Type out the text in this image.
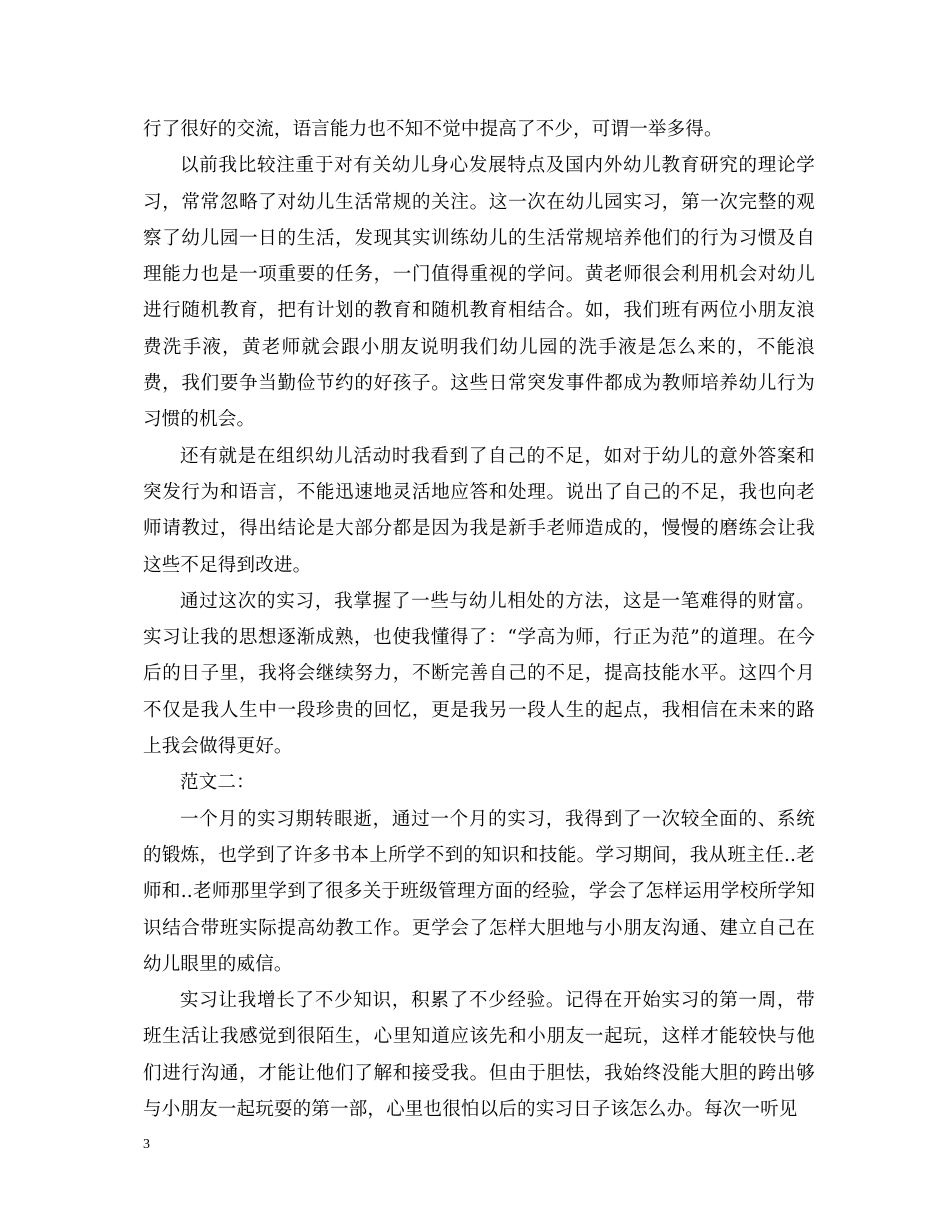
行了很好的交流，语言能力也不知不觉中提高了不少，可谓一举多得。

以前我比较注重于对有关幼儿身心发展特点及国内外幼儿教育研究的理论学习，常常忽略了对幼儿生活常规的关注。这一次在幼儿园实习，第一次完整的观察了幼儿园一日的生活，发现其实训练幼儿的生活常规培养他们的行为习惯及自理能力也是一项重要的任务，一门值得重视的学问。黄老师很会利用机会对幼儿进行随机教育，把有计划的教育和随机教育相结合。如，我们班有两位小朋友浪费洗手液，黄老师就会跟小朋友说明我们幼儿园的洗手液是怎么来的，不能浪费，我们要争当勤俭节约的好孩子。这些日常突发事件都成为教师培养幼儿行为习惯的机会。

还有就是在组织幼儿活动时我看到了自己的不足，如对于幼儿的意外答案和突发行为和语言，不能迅速地灵活地应答和处理。说出了自己的不足，我也向老师请教过，得出结论是大部分都是因为我是新手老师造成的，慢慢的磨练会让我这些不足得到改进。

通过这次的实习，我掌握了一些与幼儿相处的方法，这是一笔难得的财富。实习让我的思想逐渐成熟，也使我懂得了：“学高为师，行正为范”的道理。在今后的日子里，我将会继续努力，不断完善自己的不足，提高技能水平。这四个月不仅是我人生中一段珍贵的回忆，更是我另一段人生的起点，我相信在未来的路上我会做得更好。

范文二：

一个月的实习期转眼逝，通过一个月的实习，我得到了一次较全面的、系统的锻炼，也学到了许多书本上所学不到的知识和技能。学习期间，我从班主任..老师和..老师那里学到了很多关于班级管理方面的经验，学会了怎样运用学校所学知识结合带班实际提高幼教工作。更学会了怎样大胆地与小朋友沟通、建立自己在幼儿眼里的威信。

实习让我增长了不少知识，积累了不少经验。记得在开始实习的第一周，带班生活让我感觉到很陌生，心里知道应该先和小朋友一起玩，这样才能较快与他们进行沟通，才能让他们了解和接受我。但由于胆怯，我始终没能大胆的跨出够与小朋友一起玩耍的第一部，心里也很怕以后的实习日子该怎么办。每次一听见

3
